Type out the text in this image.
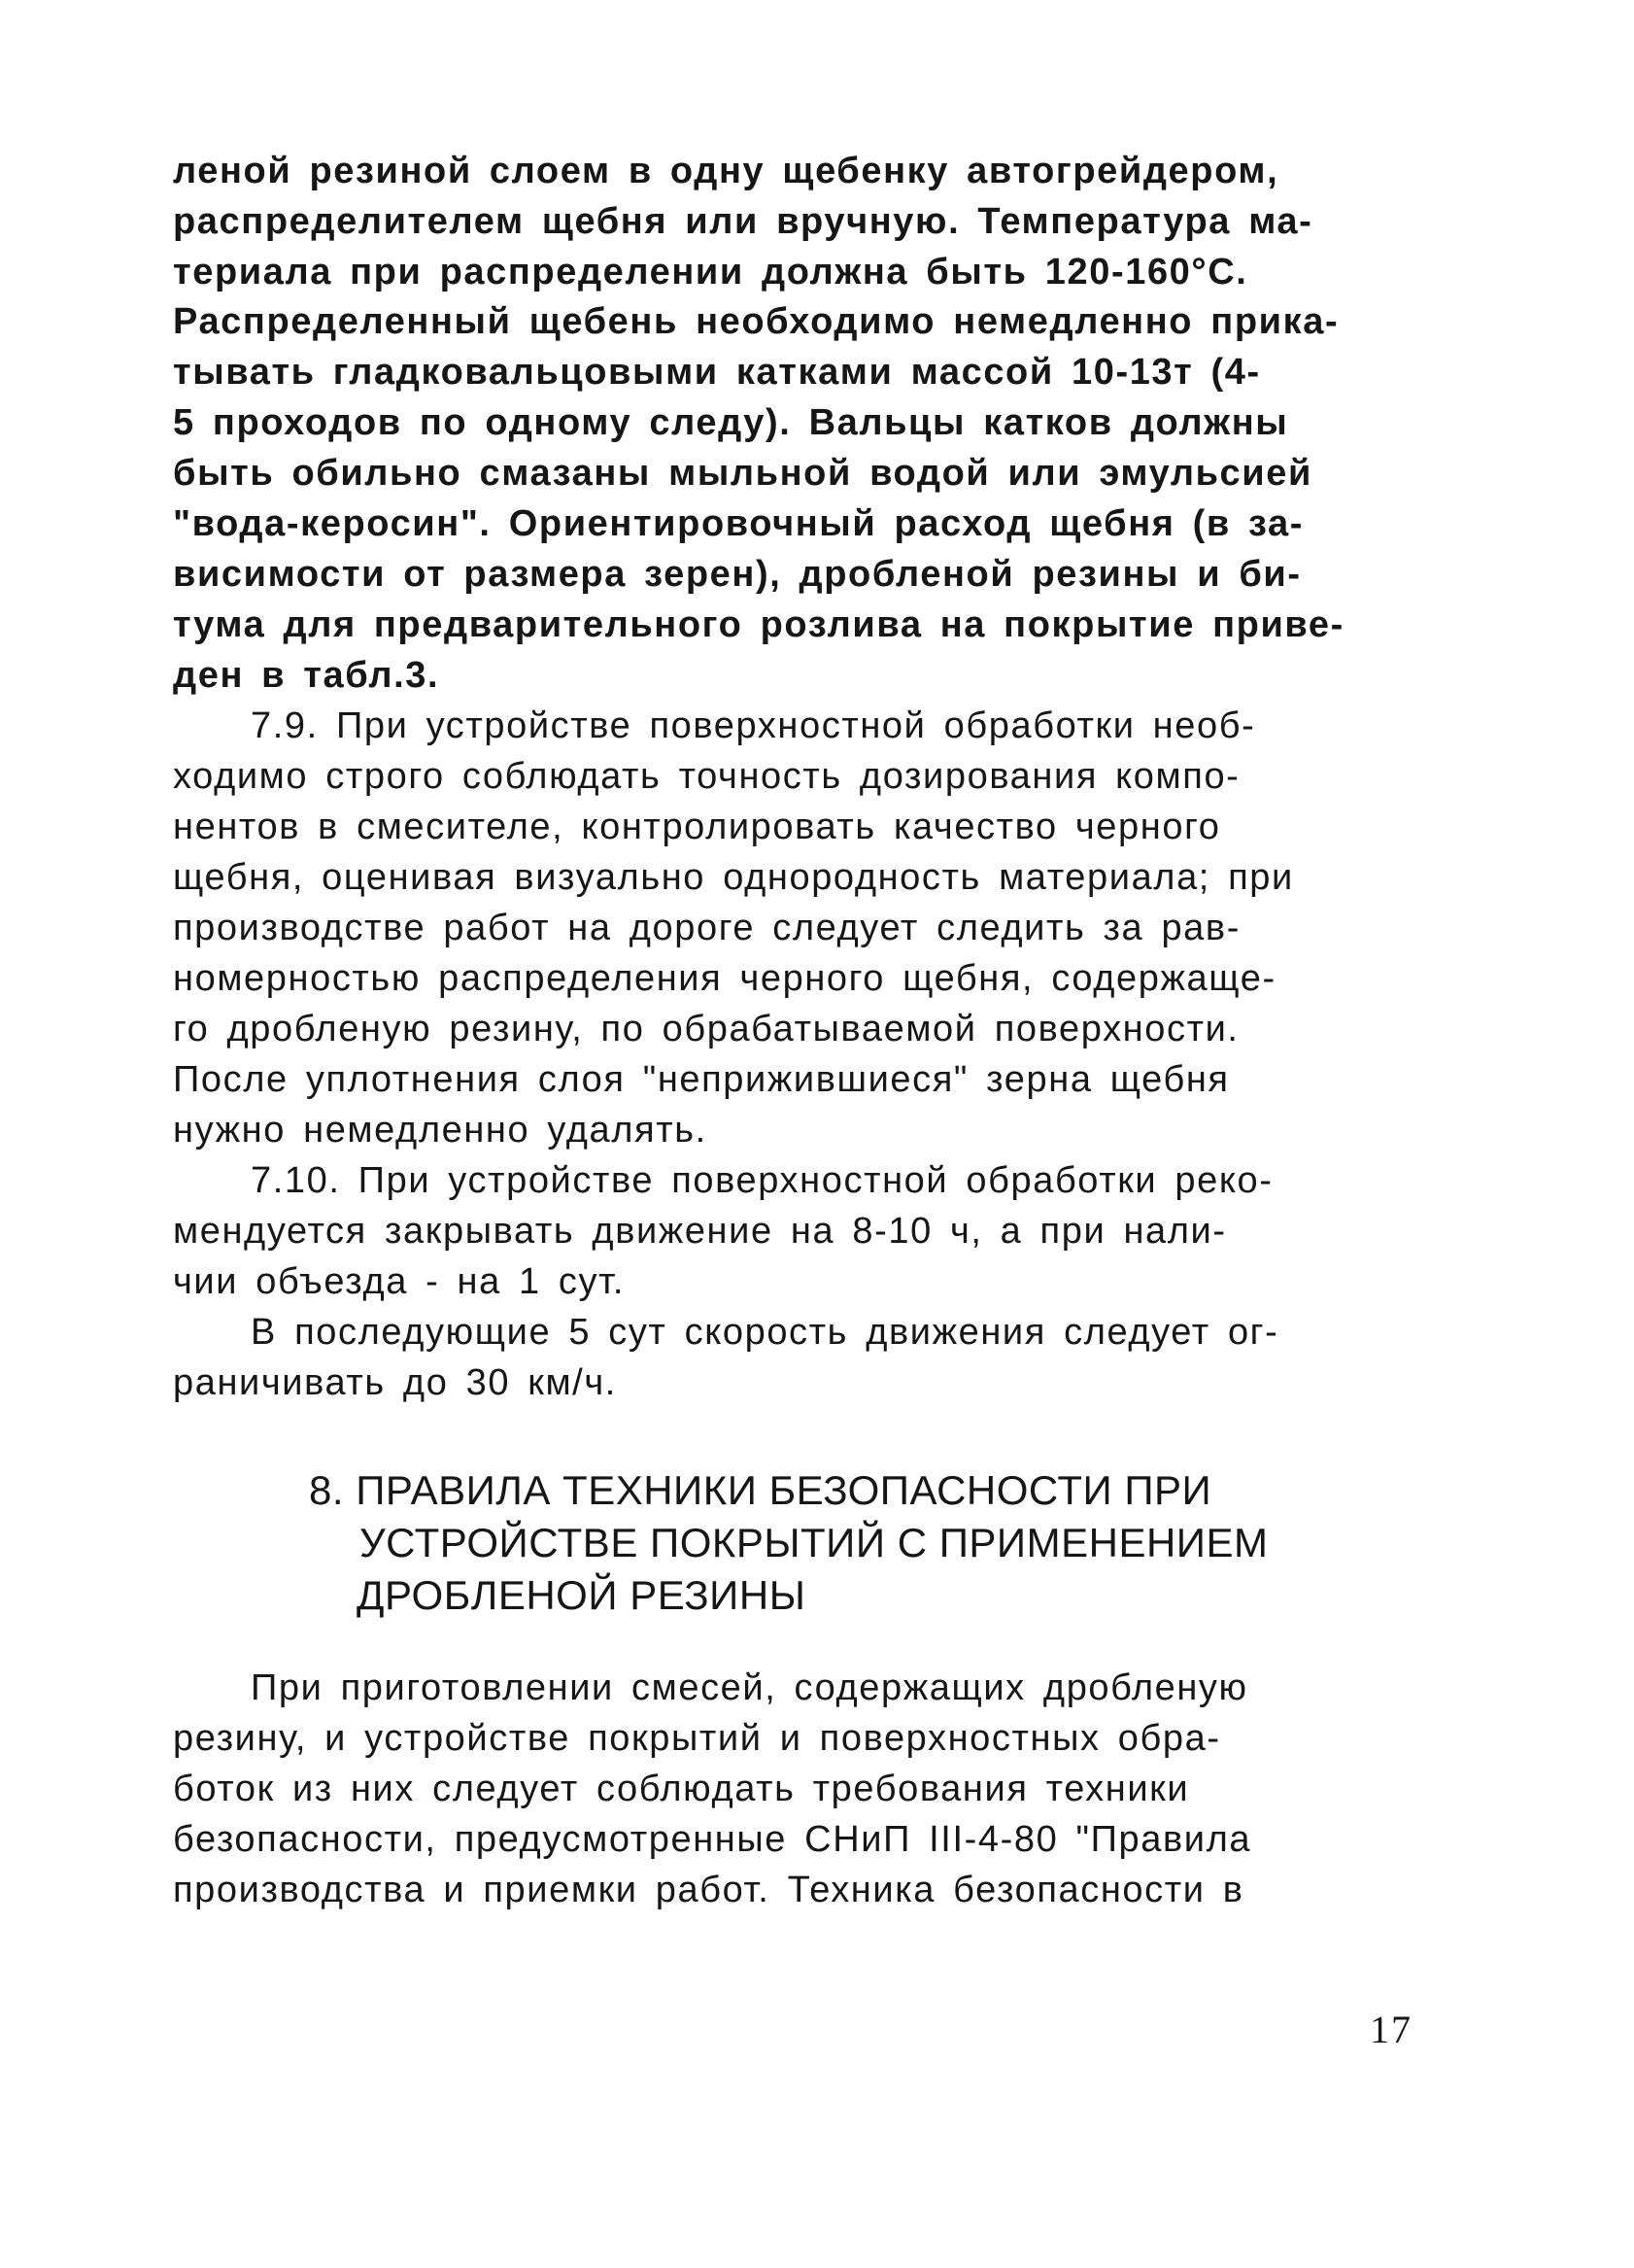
леной резиной слоем в одну щебенку автогрейдером,
распределителем щебня или вручную. Температура ма-
териала при распределении должна быть 120-160°С.
Распределенный щебень необходимо немедленно прика-
тывать гладковальцовыми катками массой 10-13т (4-
5 проходов по одному следу). Вальцы катков должны
быть обильно смазаны мыльной водой или эмульсией
"вода-керосин". Ориентировочный расход щебня (в за-
висимости от размера зерен), дробленой резины и би-
тума для предварительного розлива на покрытие приве-
ден в табл.3.
7.9. При устройстве поверхностной обработки необ-
ходимо строго соблюдать точность дозирования компо-
нентов в смесителе, контролировать качество черного
щебня, оценивая визуально однородность материала; при
производстве работ на дороге следует следить за рав-
номерностью распределения черного щебня, содержаще-
го дробленую резину, по обрабатываемой поверхности.
После уплотнения слоя "неприжившиеся" зерна щебня
нужно немедленно удалять.
7.10. При устройстве поверхностной обработки реко-
мендуется закрывать движение на 8-10 ч, а при нали-
чии объезда - на 1 сут.
В последующие 5 сут скорость движения следует ог-
раничивать до 30 км/ч.
8. ПРАВИЛА ТЕХНИКИ БЕЗОПАСНОСТИ ПРИ
УСТРОЙСТВЕ ПОКРЫТИЙ С ПРИМЕНЕНИЕМ
ДРОБЛЕНОЙ РЕЗИНЫ
При приготовлении смесей, содержащих дробленую
резину, и устройстве покрытий и поверхностных обра-
боток из них следует соблюдать требования техники
безопасности, предусмотренные СНиП III-4-80 "Правила
производства и приемки работ. Техника безопасности в
17
